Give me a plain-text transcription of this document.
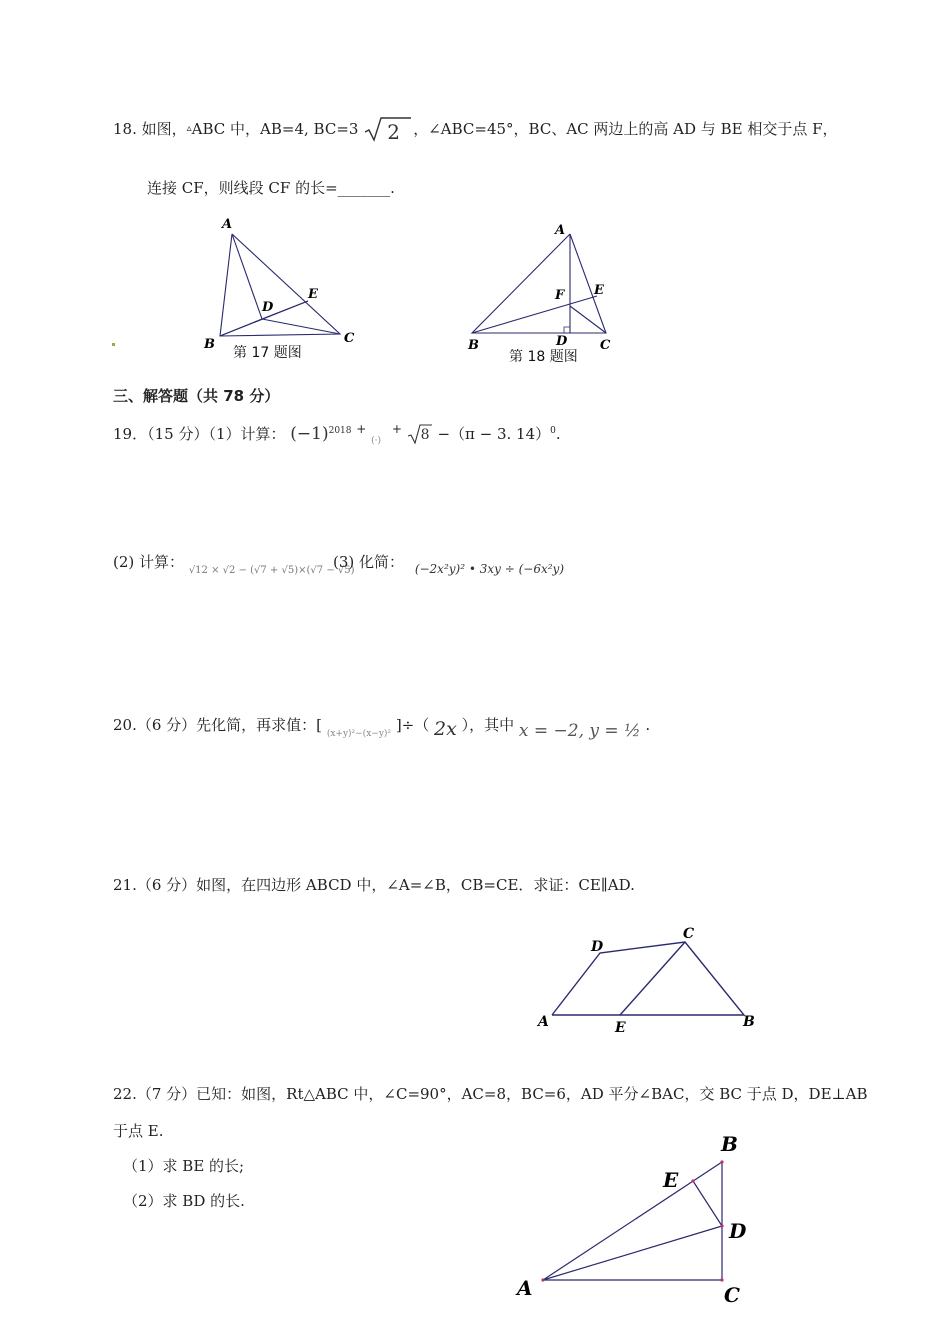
18. 如图，▵ABC 中，AB=4, BC=3 2 ，∠ABC=45°，BC、AC 两边上的高 AD 与 BE 相交于点 F，
连接 CF，则线段 CF 的长=_______.
A
B	C
D
E
第 17 题图
A
B	C
D
E
F
第 18 题图
三、解答题（共 78 分）
19．（15 分）（1）计算： $(-1)^{2018}$ + $_{(\cdot)}$ + 8 −（π − 3. 14）$^0$.
(2) 计算： $_{√12 \times √2 - (√7 + √5)\times(√7 - √5)}$
(3) 化简： $_{(-2x^2y)^2 • 3xy \div (-6x^2y)}$
20.（6 分）先化简，再求值：[ $_{(x+y)^2-(x-y)^2}$ ]÷（ 2x ），其中 x = −2, y = ½ .
21.（6 分）如图，在四边形 ABCD 中，∠A=∠B，CB=CE．求证：CE∥AD.
A	B
C
D
E
22.（7 分）已知：如图，Rt△ABC 中，∠C=90°，AC=8，BC=6，AD 平分∠BAC，交 BC 于点 D，DE⊥AB
于点 E.
（1）求 BE 的长;
（2）求 BD 的长.
A
B
C
D
E
